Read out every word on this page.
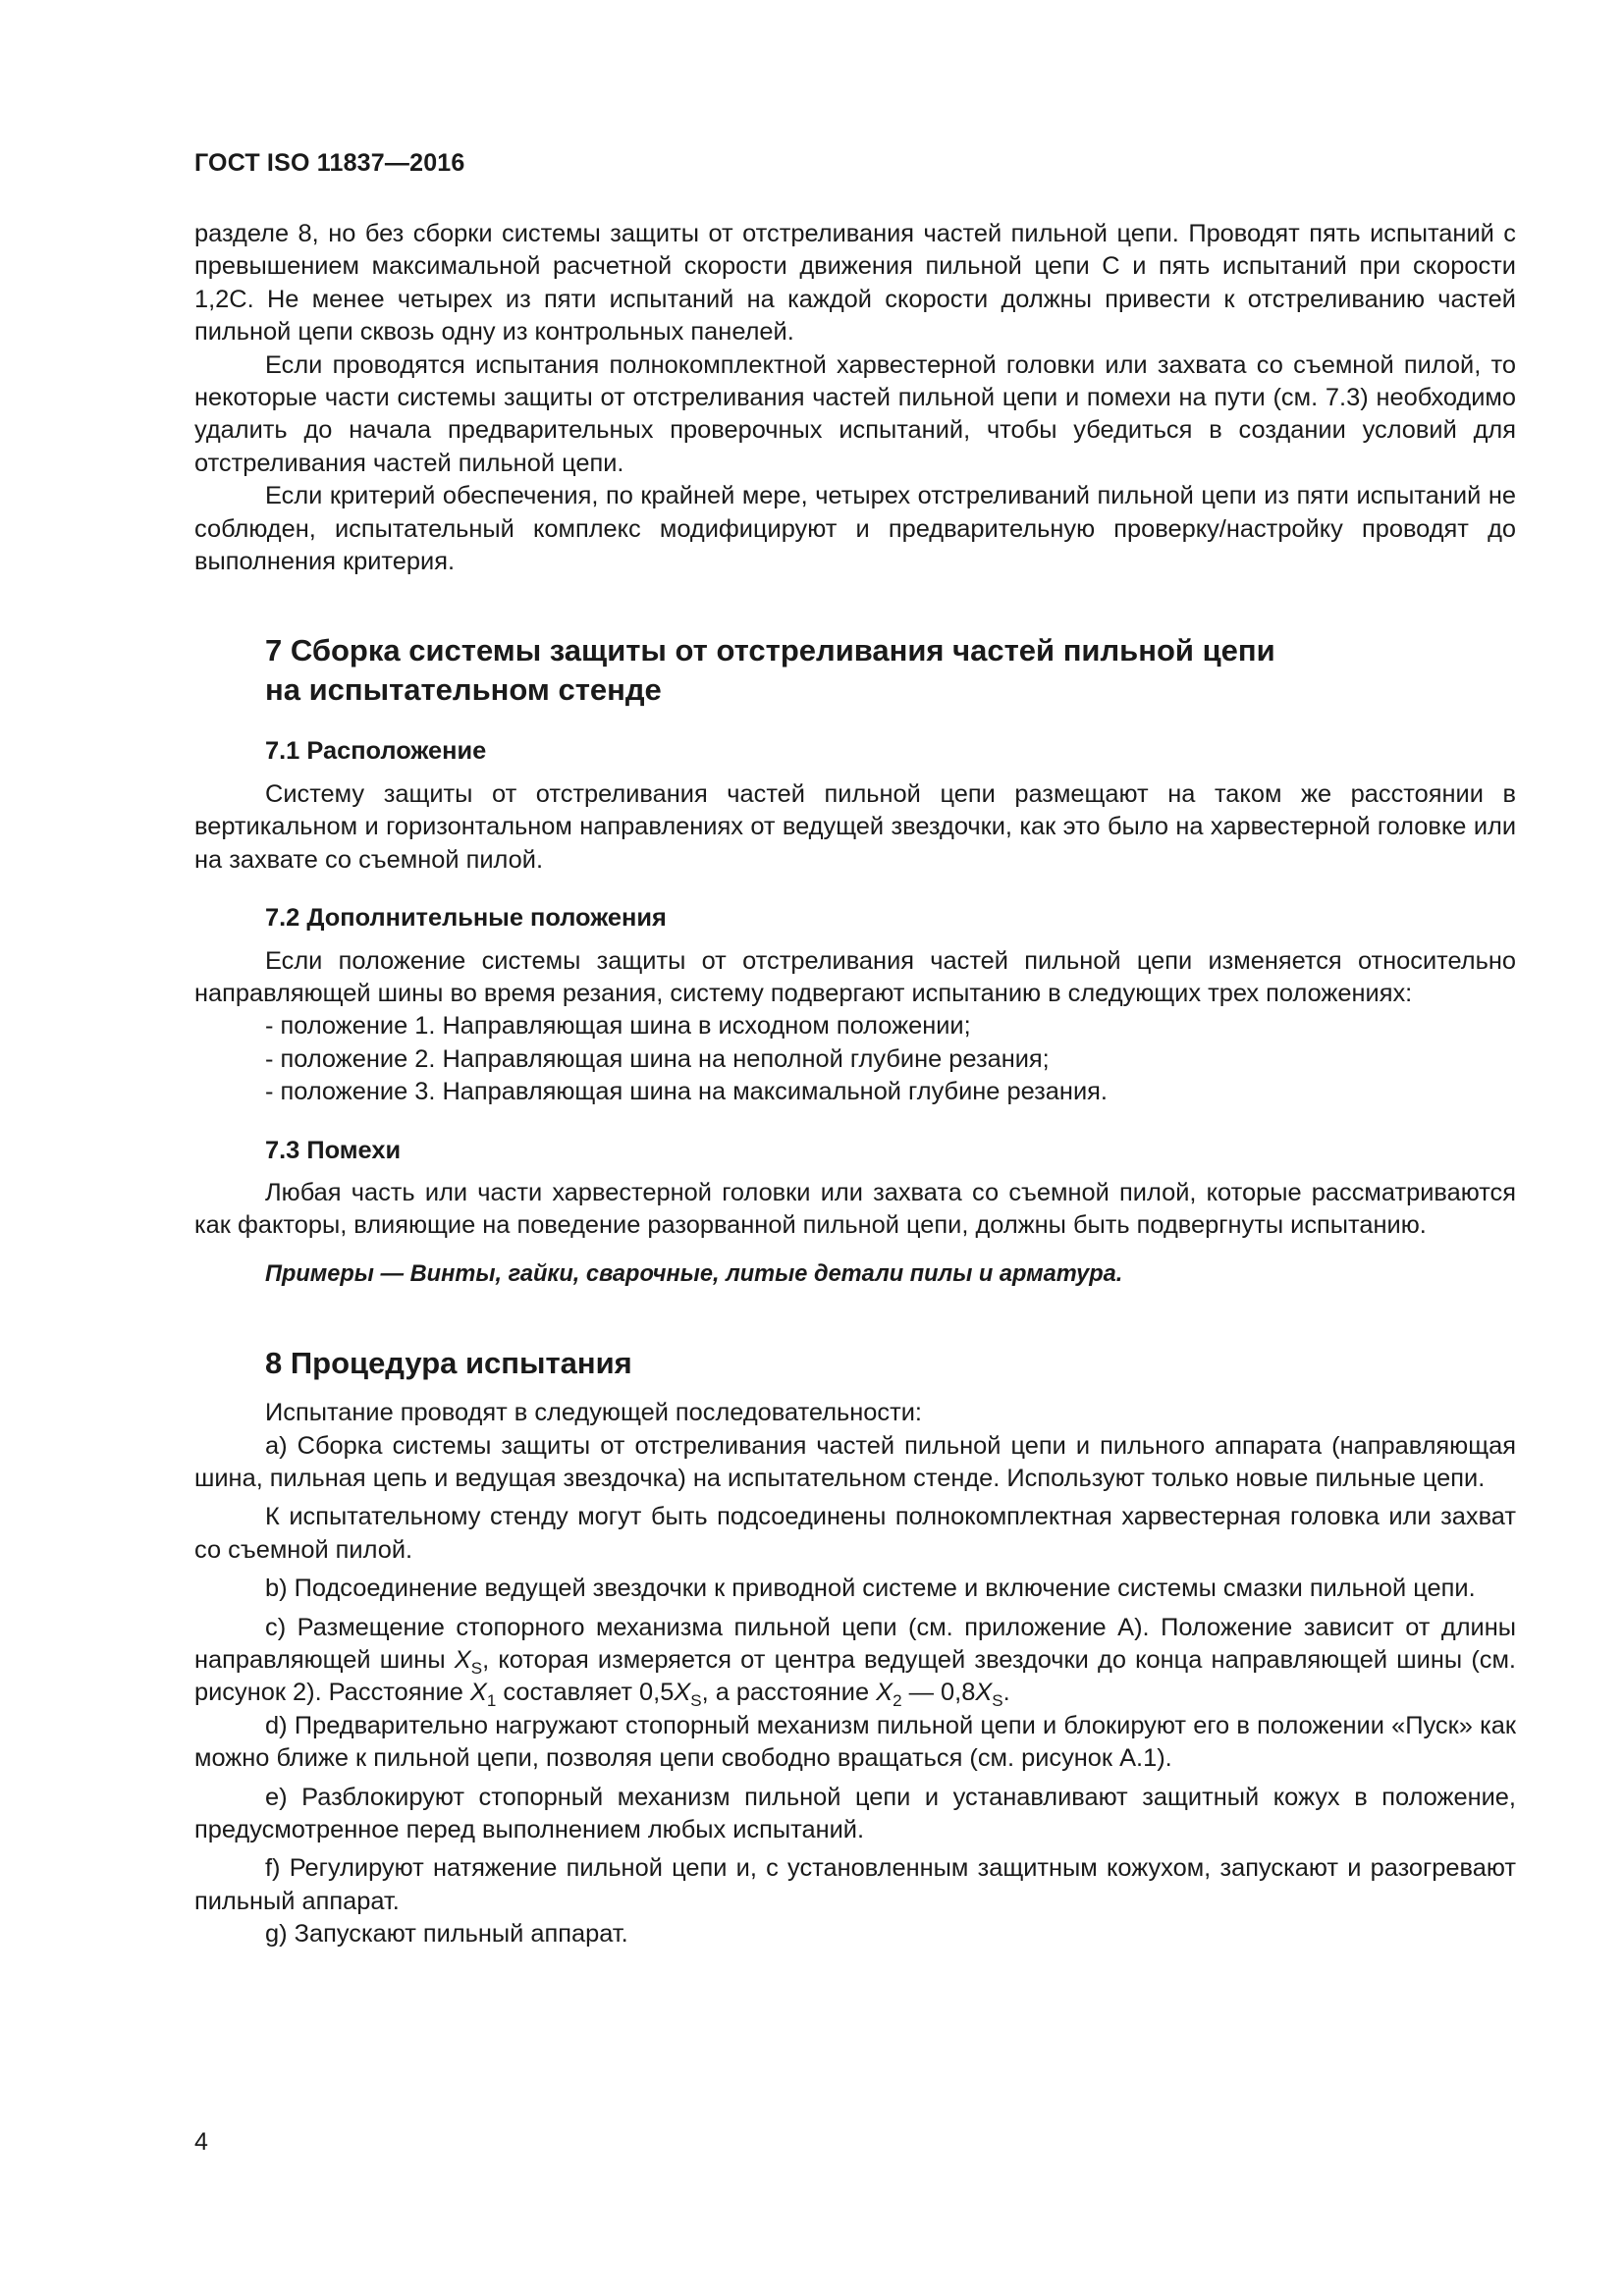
ГОСТ ISO 11837—2016

разделе 8, но без сборки системы защиты от отстреливания частей пильной цепи. Проводят пять испытаний с превышением максимальной расчетной скорости движения пильной цепи C и пять испытаний при скорости 1,2C. Не менее четырех из пяти испытаний на каждой скорости должны привести к отстреливанию частей пильной цепи сквозь одну из контрольных панелей.

Если проводятся испытания полнокомплектной харвестерной головки или захвата со съемной пилой, то некоторые части системы защиты от отстреливания частей пильной цепи и помехи на пути (см. 7.3) необходимо удалить до начала предварительных проверочных испытаний, чтобы убедиться в создании условий для отстреливания частей пильной цепи.

Если критерий обеспечения, по крайней мере, четырех отстреливаний пильной цепи из пяти испытаний не соблюден, испытательный комплекс модифицируют и предварительную проверку/настройку проводят до выполнения критерия.

7 Сборка системы защиты от отстреливания частей пильной цепи
на испытательном стенде

7.1 Расположение

Систему защиты от отстреливания частей пильной цепи размещают на таком же расстоянии в вертикальном и горизонтальном направлениях от ведущей звездочки, как это было на харвестерной головке или на захвате со съемной пилой.

7.2 Дополнительные положения

Если положение системы защиты от отстреливания частей пильной цепи изменяется относительно направляющей шины во время резания, систему подвергают испытанию в следующих трех положениях:

- положение 1. Направляющая шина в исходном положении;

- положение 2. Направляющая шина на неполной глубине резания;

- положение 3. Направляющая шина на максимальной глубине резания.

7.3 Помехи

Любая часть или части харвестерной головки или захвата со съемной пилой, которые рассматриваются как факторы, влияющие на поведение разорванной пильной цепи, должны быть подвергнуты испытанию.

Примеры — Винты, гайки, сварочные, литые детали пилы и арматура.

8 Процедура испытания

Испытание проводят в следующей последовательности:

a) Сборка системы защиты от отстреливания частей пильной цепи и пильного аппарата (направляющая шина, пильная цепь и ведущая звездочка) на испытательном стенде. Используют только новые пильные цепи.

К испытательному стенду могут быть подсоединены полнокомплектная харвестерная головка или захват со съемной пилой.

b) Подсоединение ведущей звездочки к приводной системе и включение системы смазки пильной цепи.

c) Размещение стопорного механизма пильной цепи (см. приложение А). Положение зависит от длины направляющей шины $X_S$, которая измеряется от центра ведущей звездочки до конца направляющей шины (см. рисунок 2). Расстояние $X_1$ составляет $0,5X_S$, а расстояние $X_2$ — $0,8X_S$.

d) Предварительно нагружают стопорный механизм пильной цепи и блокируют его в положении «Пуск» как можно ближе к пильной цепи, позволяя цепи свободно вращаться (см. рисунок А.1).

e) Разблокируют стопорный механизм пильной цепи и устанавливают защитный кожух в положение, предусмотренное перед выполнением любых испытаний.

f) Регулируют натяжение пильной цепи и, с установленным защитным кожухом, запускают и разогревают пильный аппарат.

g) Запускают пильный аппарат.

4
